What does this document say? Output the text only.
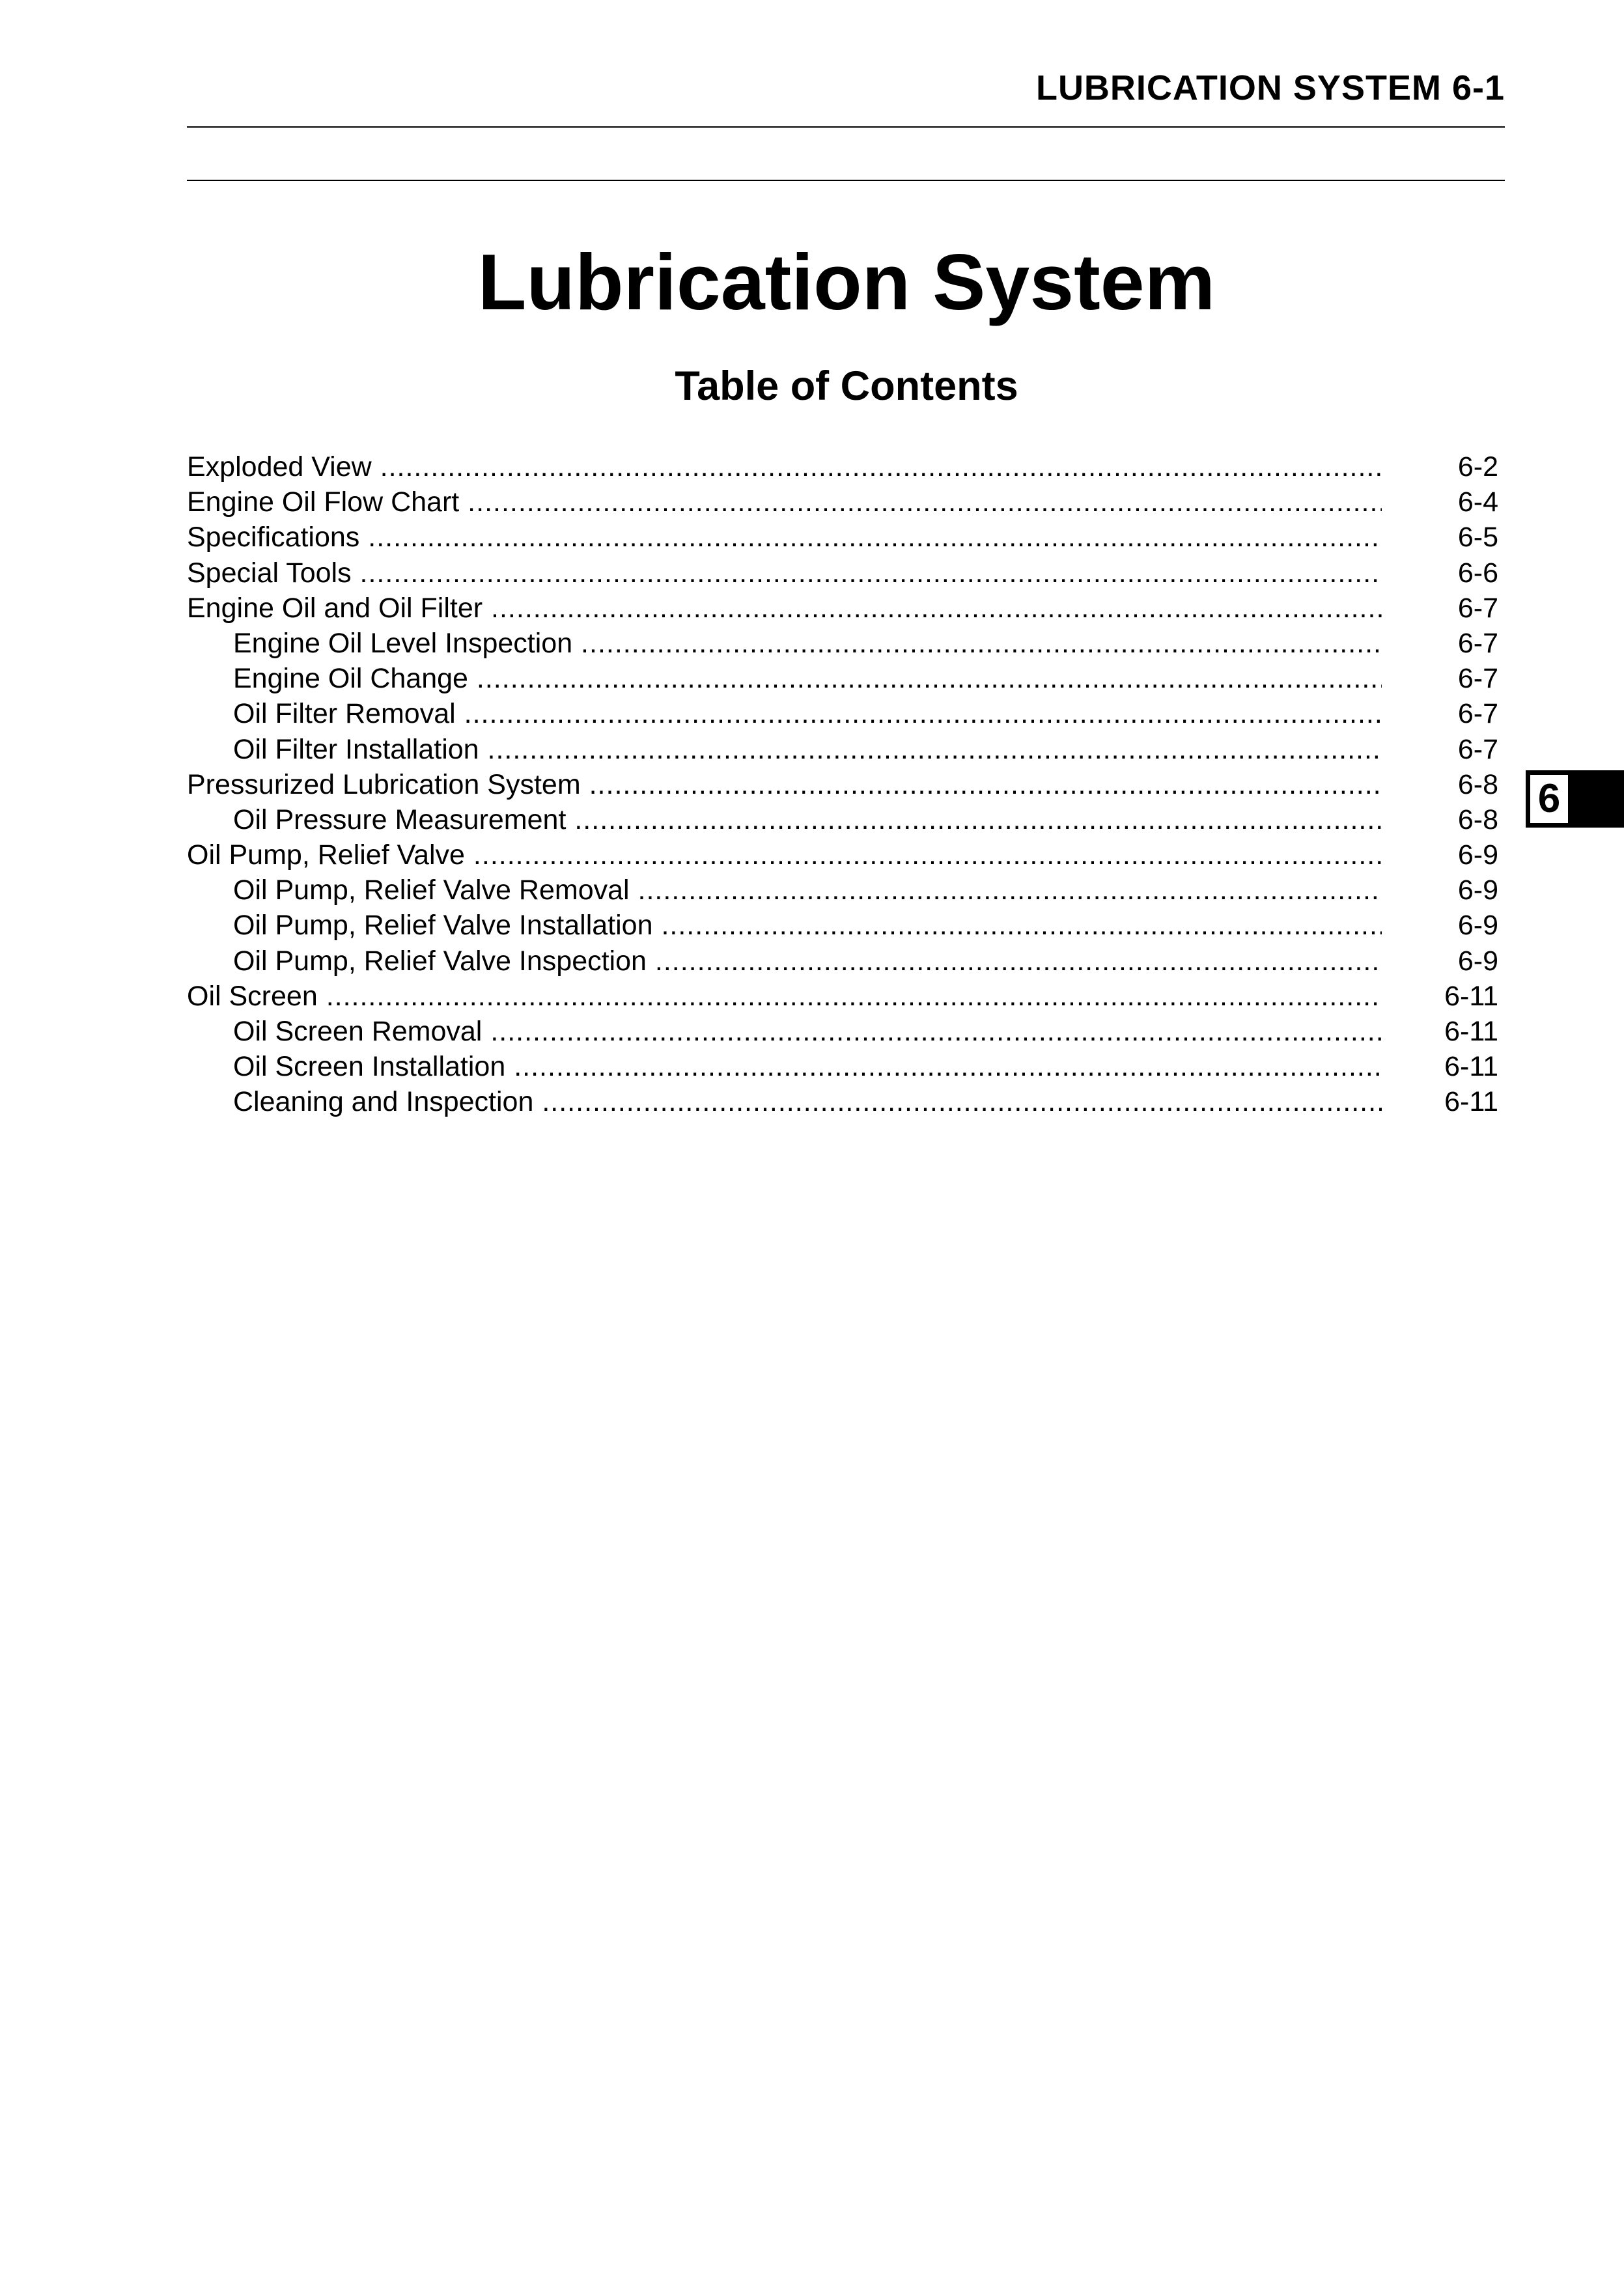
LUBRICATION SYSTEM 6-1
Lubrication System
Table of Contents
Exploded View .....	6-2
Engine Oil Flow Chart .....	6-4
Specifications .....	6-5
Special Tools .....	6-6
Engine Oil and Oil Filter .....	6-7
Engine Oil Level Inspection .....	6-7
Engine Oil Change .....	6-7
Oil Filter Removal .....	6-7
Oil Filter Installation .....	6-7
Pressurized Lubrication System .....	6-8
Oil Pressure Measurement .....	6-8
Oil Pump, Relief Valve .....	6-9
Oil Pump, Relief Valve Removal .....	6-9
Oil Pump, Relief Valve Installation .....	6-9
Oil Pump, Relief Valve Inspection .....	6-9
Oil Screen .....	6-11
Oil Screen Removal .....	6-11
Oil Screen Installation .....	6-11
Cleaning and Inspection .....	6-11
6
